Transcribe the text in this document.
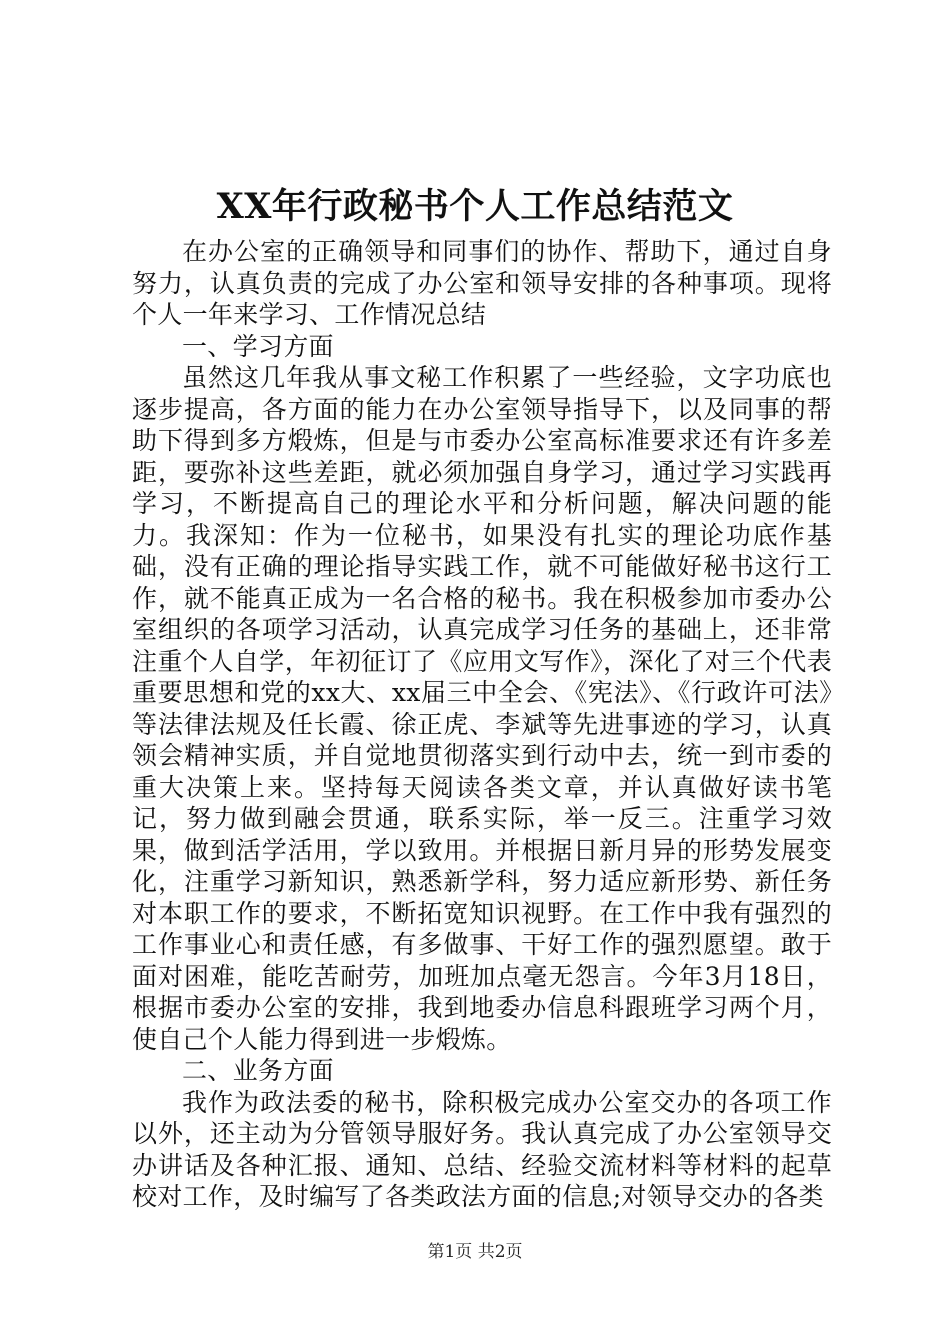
XX年行政秘书个人工作总结范文

在办公室的正确领导和同事们的协作、帮助下，通过自身努力，认真负责的完成了办公室和领导安排的各种事项。现将个人一年来学习、工作情况总结

一、学习方面

虽然这几年我从事文秘工作积累了一些经验，文字功底也逐步提高，各方面的能力在办公室领导指导下，以及同事的帮助下得到多方煅炼，但是与市委办公室高标准要求还有许多差距，要弥补这些差距，就必须加强自身学习，通过学习实践再学习，不断提高自己的理论水平和分析问题，解决问题的能力。我深知：作为一位秘书，如果没有扎实的理论功底作基础，没有正确的理论指导实践工作，就不可能做好秘书这行工作，就不能真正成为一名合格的秘书。我在积极参加市委办公室组织的各项学习活动，认真完成学习任务的基础上，还非常注重个人自学，年初征订了《应用文写作》，深化了对三个代表重要思想和党的xx大、xx届三中全会、《宪法》、《行政许可法》等法律法规及任长霞、徐正虎、李斌等先进事迹的学习，认真领会精神实质，并自觉地贯彻落实到行动中去，统一到市委的重大决策上来。坚持每天阅读各类文章，并认真做好读书笔记，努力做到融会贯通，联系实际，举一反三。注重学习效果，做到活学活用，学以致用。并根据日新月异的形势发展变化，注重学习新知识，熟悉新学科，努力适应新形势、新任务对本职工作的要求，不断拓宽知识视野。在工作中我有强烈的工作事业心和责任感，有多做事、干好工作的强烈愿望。敢于面对困难，能吃苦耐劳，加班加点毫无怨言。今年3月18日，根据市委办公室的安排，我到地委办信息科跟班学习两个月，使自己个人能力得到进一步煅炼。

二、业务方面

我作为政法委的秘书，除积极完成办公室交办的各项工作以外，还主动为分管领导服好务。我认真完成了办公室领导交办讲话及各种汇报、通知、总结、经验交流材料等材料的起草校对工作，及时编写了各类政法方面的信息;对领导交办的各类

第1页 共2页
